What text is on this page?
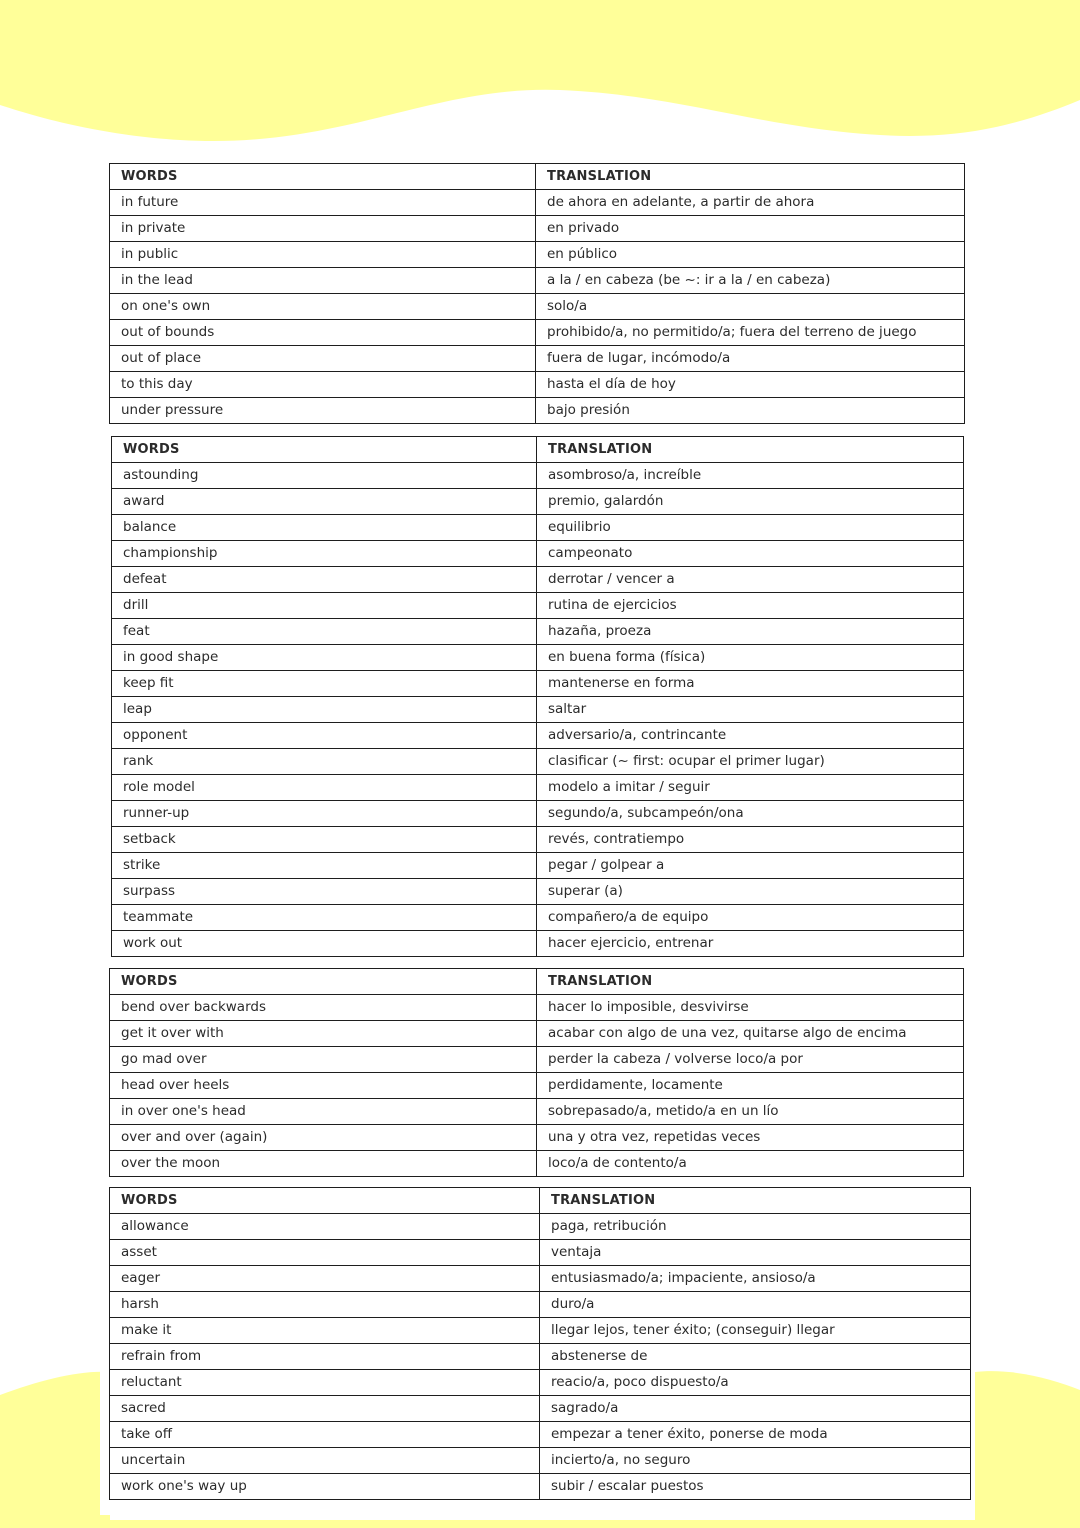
WORDS	TRANSLATION
in future	de ahora en adelante, a partir de ahora
in private	en privado
in public	en público
in the lead	a la / en cabeza (be ~: ir a la / en cabeza)
on one's own	solo/a
out of bounds	prohibido/a, no permitido/a; fuera del terreno de juego
out of place	fuera de lugar, incómodo/a
to this day	hasta el día de hoy
under pressure	bajo presión
WORDS	TRANSLATION
astounding	asombroso/a, increíble
award	premio, galardón
balance	equilibrio
championship	campeonato
defeat	derrotar / vencer a
drill	rutina de ejercicios
feat	hazaña, proeza
in good shape	en buena forma (física)
keep fit	mantenerse en forma
leap	saltar
opponent	adversario/a, contrincante
rank	clasificar (~ first: ocupar el primer lugar)
role model	modelo a imitar / seguir
runner-up	segundo/a, subcampeón/ona
setback	revés, contratiempo
strike	pegar / golpear a
surpass	superar (a)
teammate	compañero/a de equipo
work out	hacer ejercicio, entrenar
WORDS	TRANSLATION
bend over backwards	hacer lo imposible, desvivirse
get it over with	acabar con algo de una vez, quitarse algo de encima
go mad over	perder la cabeza / volverse loco/a por
head over heels	perdidamente, locamente
in over one's head	sobrepasado/a, metido/a en un lío
over and over (again)	una y otra vez, repetidas veces
over the moon	loco/a de contento/a
WORDS	TRANSLATION
allowance	paga, retribución
asset	ventaja
eager	entusiasmado/a; impaciente, ansioso/a
harsh	duro/a
make it	llegar lejos, tener éxito; (conseguir) llegar
refrain from	abstenerse de
reluctant	reacio/a, poco dispuesto/a
sacred	sagrado/a
take off	empezar a tener éxito, ponerse de moda
uncertain	incierto/a, no seguro
work one's way up	subir / escalar puestos
